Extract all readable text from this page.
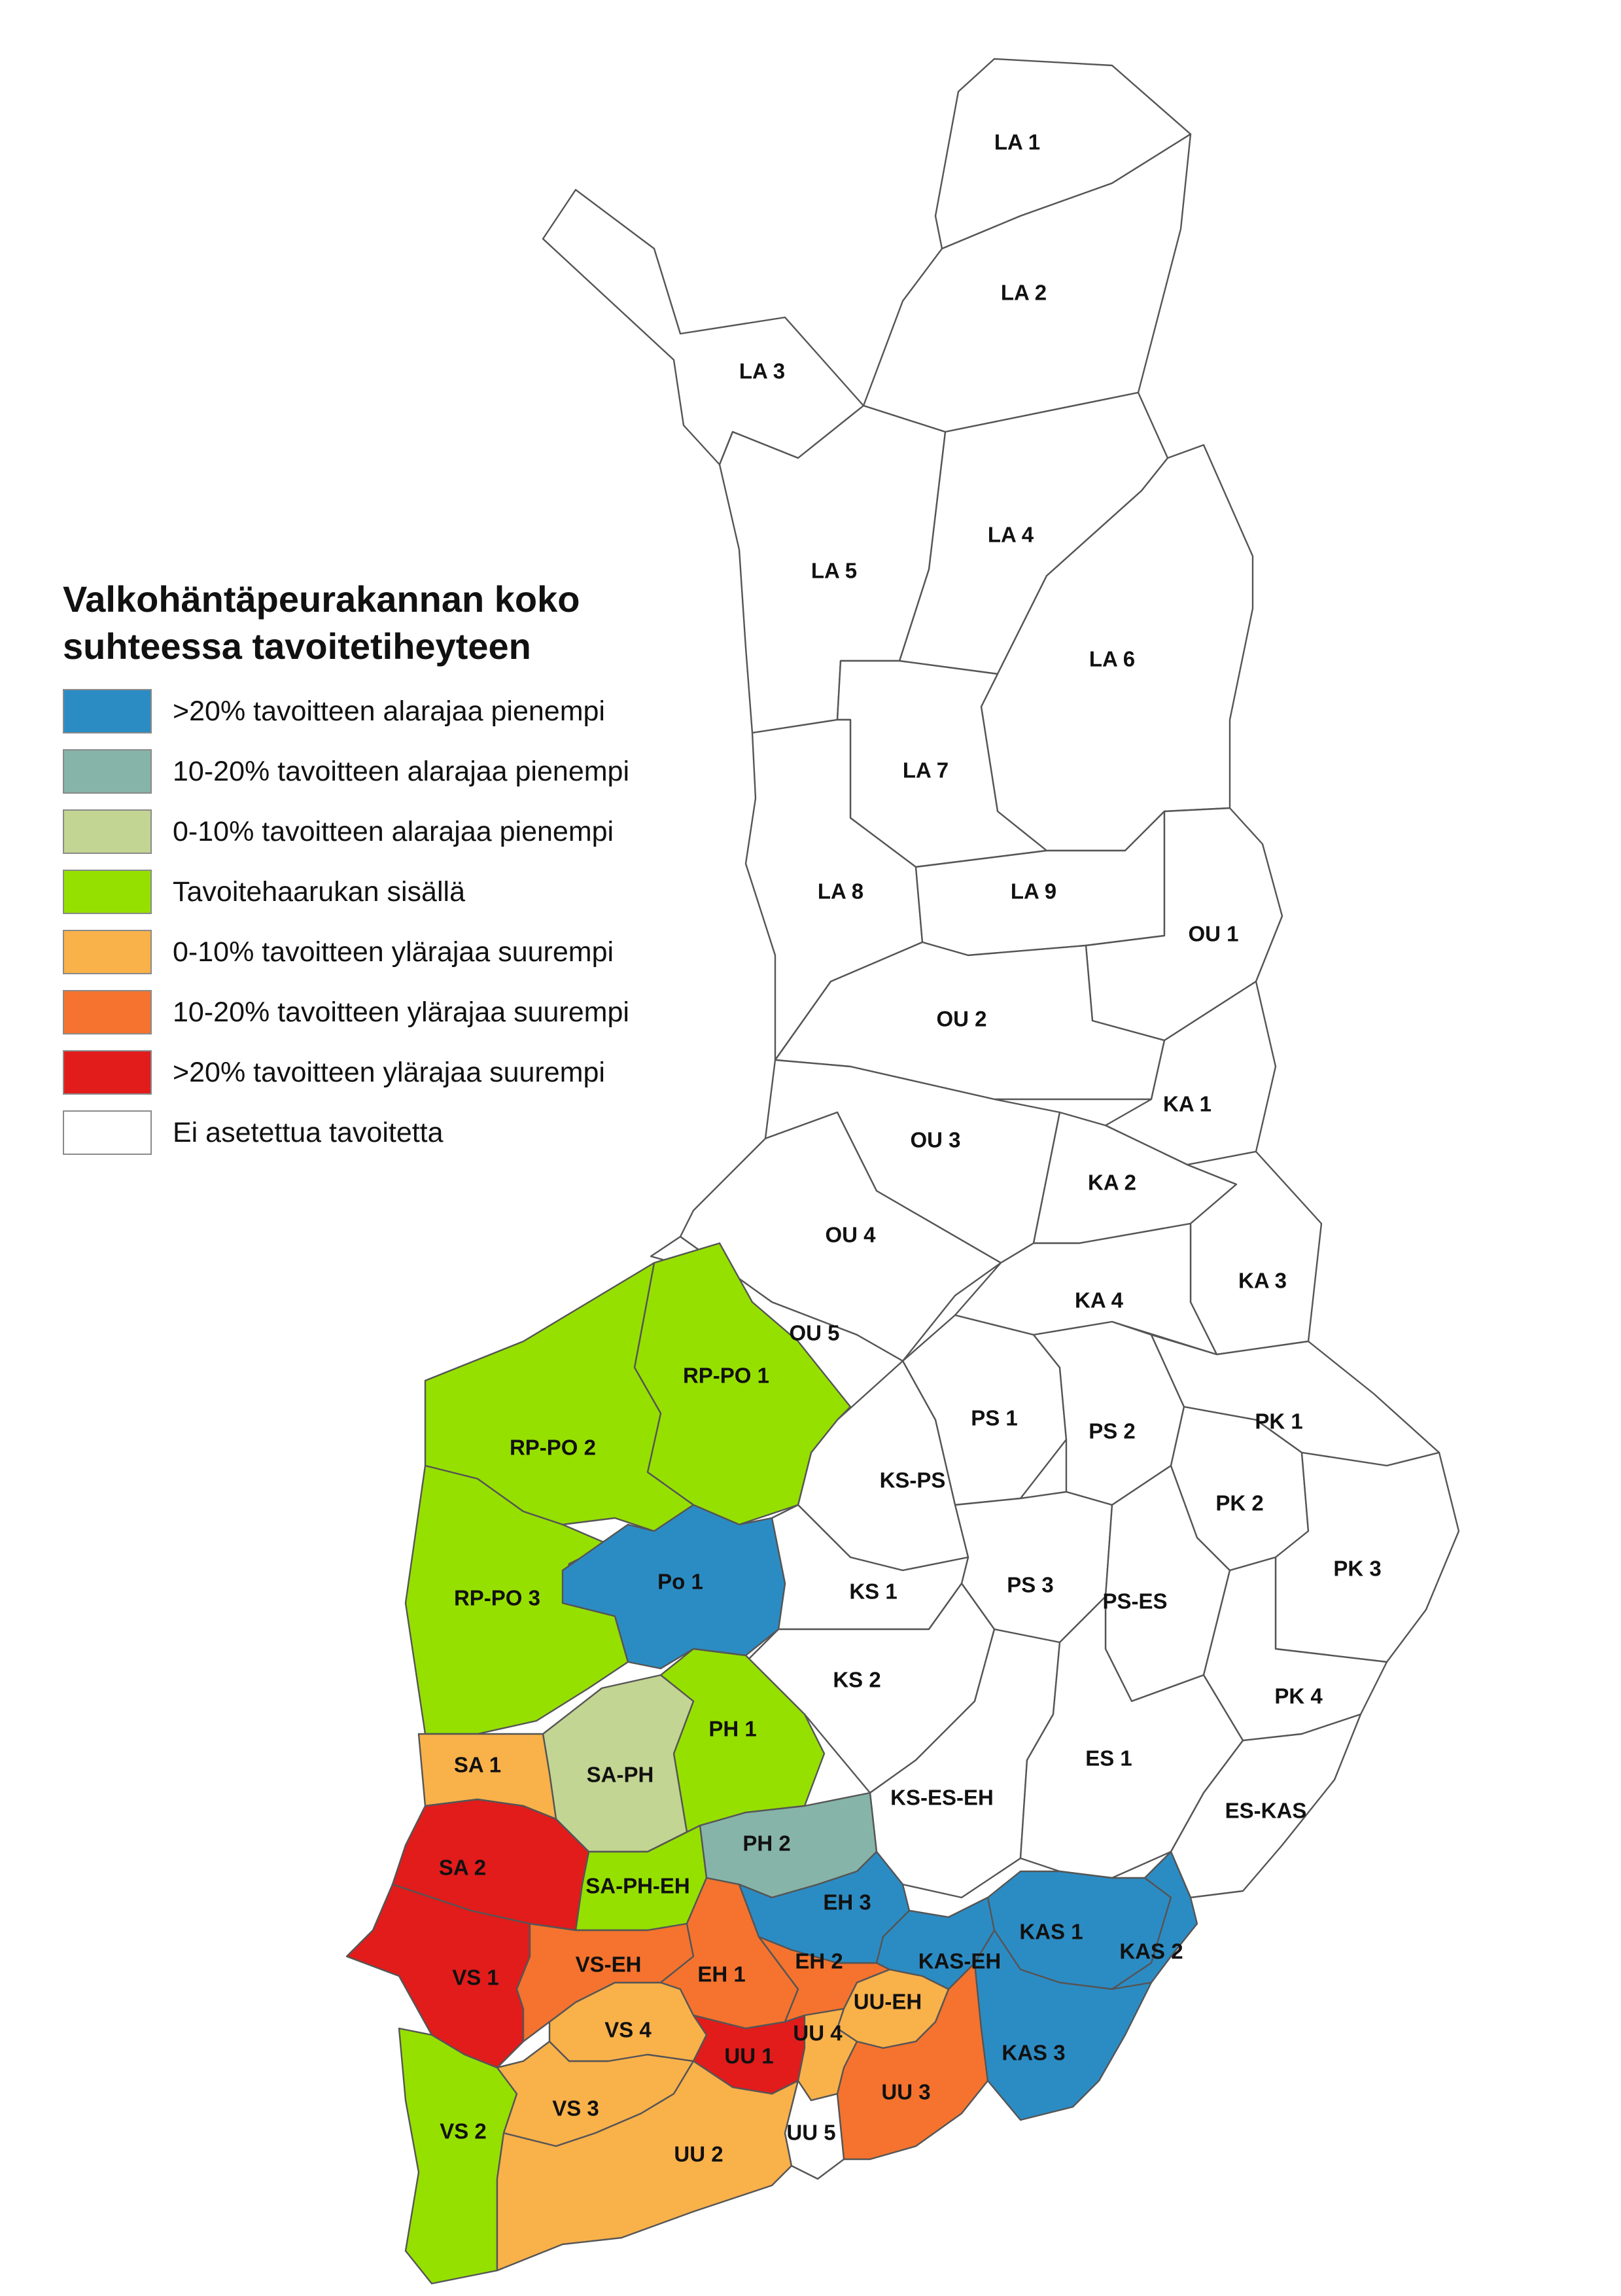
LA 1
LA 2
LA 3
LA 4
LA 5
LA 6
LA 7
LA 8	LA 9
OU 1
OU 2
OU 3
OU 4
OU 5
KA 1
KA 2
KA 3
KA 4
PS 1
PS 2
PS 3
PS-ES
PK 1
PK 2
PK 3
PK 4
KS-PS
KS 1
KS 2
KS-ES-EH
ES 1
ES-KAS
RP-PO 1
RP-PO 2
RP-PO 3
Po 1
PH 1
PH 2
SA-PH
SA-PH-EH
SA 1
SA 2
VS 1
VS 2
VS 3
VS 4
VS-EH	EH 1
EH 2
EH 3
UU 1
UU 2
UU 3
UU 4
UU 5
UU-EH
KAS 1
KAS 2
KAS 3
KAS-EH
Valkohäntäpeurakannan koko
suhteessa tavoitetiheyteen
>20% tavoitteen alarajaa pienempi
10-20% tavoitteen alarajaa pienempi
0-10% tavoitteen alarajaa pienempi
Tavoitehaarukan sisällä
0-10% tavoitteen ylärajaa suurempi
10-20% tavoitteen ylärajaa suurempi
>20% tavoitteen ylärajaa suurempi
Ei asetettua tavoitetta
